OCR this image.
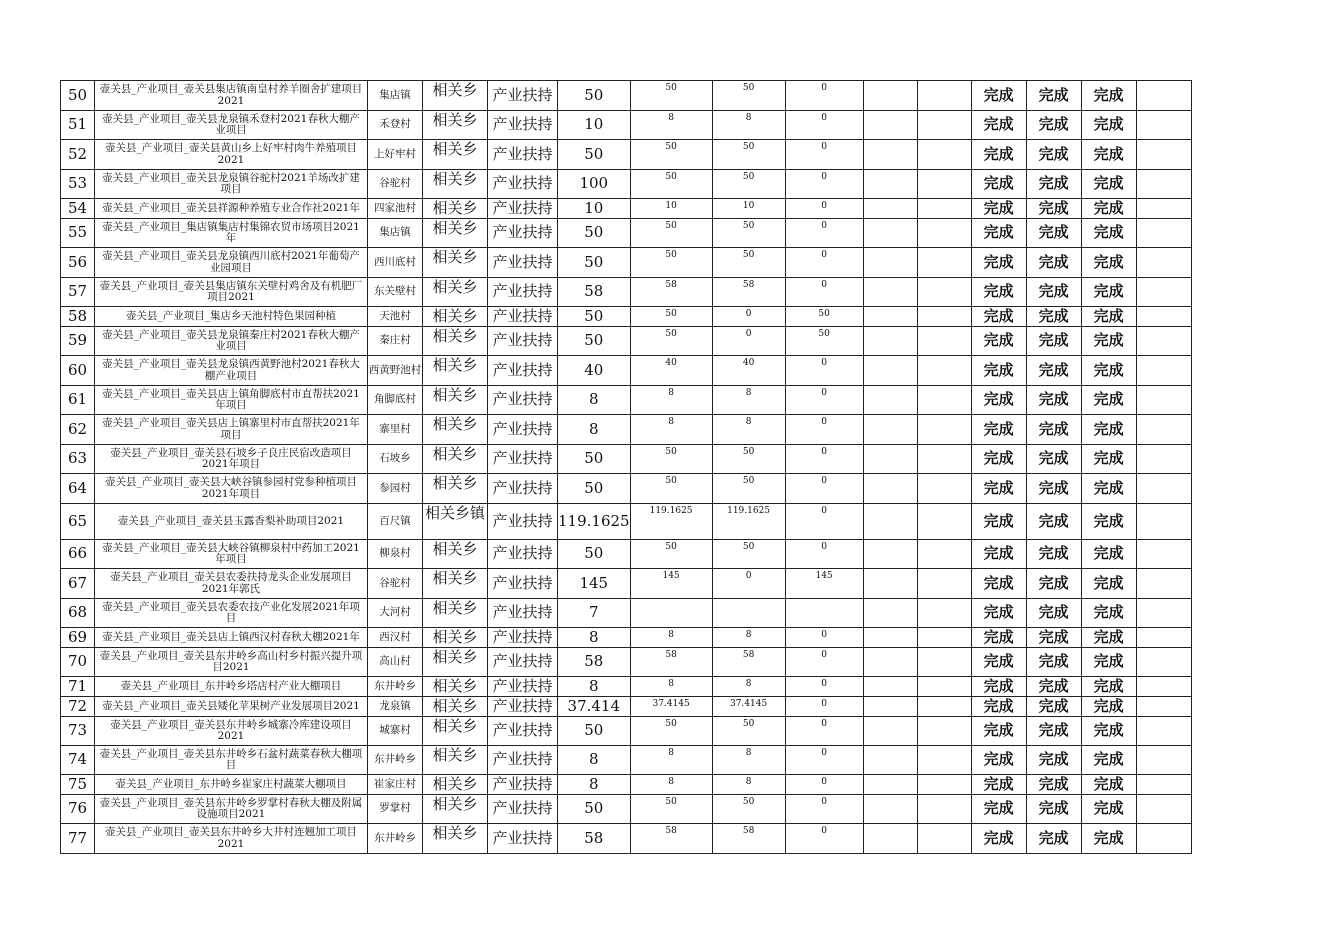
50	壶关县_产业项目_壶关县集店镇南皇村养羊圈舍扩建项目2021	集店镇	相关乡	产业扶持	50	50	50	0			完成	完成	完成	
51	壶关县_产业项目_壶关县龙泉镇禾登村2021春秋大棚产业项目	禾登村	相关乡	产业扶持	10	8	8	0			完成	完成	完成	
52	壶关县_产业项目_壶关县黄山乡上好牢村肉牛养殖项目2021	上好牢村	相关乡	产业扶持	50	50	50	0			完成	完成	完成	
53	壶关县_产业项目_壶关县龙泉镇谷驼村2021羊场改扩建项目	谷驼村	相关乡	产业扶持	100	50	50	0			完成	完成	完成	
54	壶关县_产业项目_壶关县祥源种养殖专业合作社2021年	四家池村	相关乡	产业扶持	10	10	10	0			完成	完成	完成	
55	壶关县_产业项目_集店镇集店村集锦农贸市场项目2021年	集店镇	相关乡	产业扶持	50	50	50	0			完成	完成	完成	
56	壶关县_产业项目_壶关县龙泉镇西川底村2021年葡萄产业园项目	西川底村	相关乡	产业扶持	50	50	50	0			完成	完成	完成	
57	壶关县_产业项目_壶关县集店镇东关壁村鸡舍及有机肥厂项目2021	东关壁村	相关乡	产业扶持	58	58	58	0			完成	完成	完成	
58	壶关县_产业项目_集店乡天池村特色果园种植	天池村	相关乡	产业扶持	50	50	0	50			完成	完成	完成	
59	壶关县_产业项目_壶关县龙泉镇秦庄村2021春秋大棚产业项目	秦庄村	相关乡	产业扶持	50	50	0	50			完成	完成	完成	
60	壶关县_产业项目_壶关县龙泉镇西黄野池村2021春秋大棚产业项目	西黄野池村	相关乡	产业扶持	40	40	40	0			完成	完成	完成	
61	壶关县_产业项目_壶关县店上镇角脚底村市直帮扶2021年项目	角脚底村	相关乡	产业扶持	8	8	8	0			完成	完成	完成	
62	壶关县_产业项目_壶关县店上镇寨里村市直帮扶2021年项目	寨里村	相关乡	产业扶持	8	8	8	0			完成	完成	完成	
63	壶关县_产业项目_壶关县石坡乡子良庄民宿改造项目2021年项目	石坡乡	相关乡	产业扶持	50	50	50	0			完成	完成	完成	
64	壶关县_产业项目_壶关县大峡谷镇参园村党参种植项目2021年项目	参园村	相关乡	产业扶持	50	50	50	0			完成	完成	完成	
65	壶关县_产业项目_壶关县玉露香梨补助项目2021	百尺镇	相关乡镇	产业扶持	119.1625	119.1625	119.1625	0			完成	完成	完成	
66	壶关县_产业项目_壶关县大峡谷镇柳泉村中药加工2021年项目	柳泉村	相关乡	产业扶持	50	50	50	0			完成	完成	完成	
67	壶关县_产业项目_壶关县农委扶持龙头企业发展项目2021年郭氏	谷驼村	相关乡	产业扶持	145	145	0	145			完成	完成	完成	
68	壶关县_产业项目_壶关县农委农技产业化发展2021年项目	大河村	相关乡	产业扶持	7						完成	完成	完成	
69	壶关县_产业项目_壶关县店上镇西汉村春秋大棚2021年	西汉村	相关乡	产业扶持	8	8	8	0			完成	完成	完成	
70	壶关县_产业项目_壶关县东井岭乡高山村乡村振兴提升项目2021	高山村	相关乡	产业扶持	58	58	58	0			完成	完成	完成	
71	壶关县_产业项目_东井岭乡塔店村产业大棚项目	东井岭乡	相关乡	产业扶持	8	8	8	0			完成	完成	完成	
72	壶关县_产业项目_壶关县矮化苹果树产业发展项目2021	龙泉镇	相关乡	产业扶持	37.414	37.4145	37.4145	0			完成	完成	完成	
73	壶关县_产业项目_壶关县东井岭乡城寨冷库建设项目2021	城寨村	相关乡	产业扶持	50	50	50	0			完成	完成	完成	
74	壶关县_产业项目_壶关县东井岭乡石盆村蔬菜春秋大棚项目	东井岭乡	相关乡	产业扶持	8	8	8	0			完成	完成	完成	
75	壶关县_产业项目_东井岭乡崔家庄村蔬菜大棚项目	崔家庄村	相关乡	产业扶持	8	8	8	0			完成	完成	完成	
76	壶关县_产业项目_壶关县东井岭乡罗掌村春秋大棚及附属设施项目2021	罗掌村	相关乡	产业扶持	50	50	50	0			完成	完成	完成	
77	壶关县_产业项目_壶关县东井岭乡大井村连翘加工项目2021	东井岭乡	相关乡	产业扶持	58	58	58	0			完成	完成	完成	
